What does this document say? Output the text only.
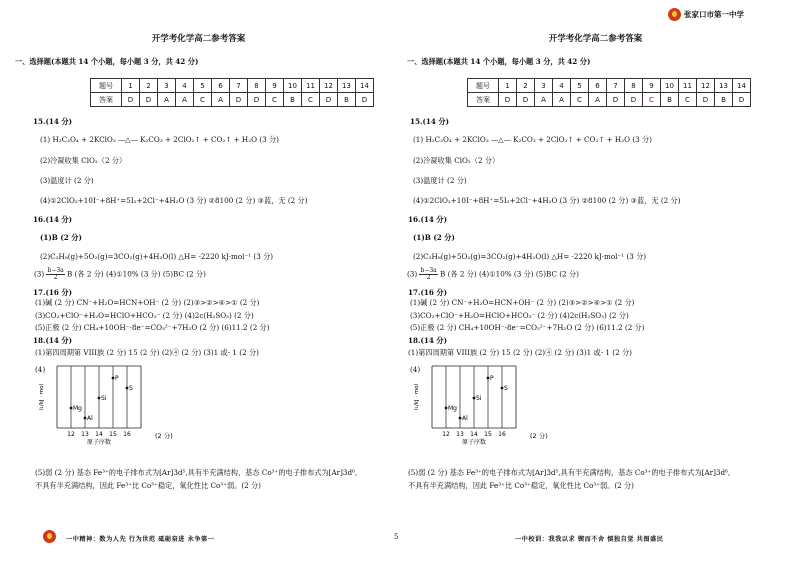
开学考化学高二参考答案
一、选择题(本题共 14 个小题，每小题 3 分，共 42 分)
题号	1	2	3	4	5	6	7	8	9	10	11	12	13	14
答案	D	D	A	A	C	A	D	D	C	B	C	D	B	D
15.(14 分)
(1) H₂C₂O₄ + 2KClO₃ —△— K₂CO₃ + 2ClO₂↑ + CO₂↑ + H₂O (3 分)
(2)冷凝收集 ClO₂（2 分）
(3)温度计 (2 分)
(4)①2ClO₂+10I⁻+8H⁺=5I₂+2Cl⁻+4H₂O (3 分) ②8100 (2 分) ③蓝，无 (2 分)
16.(14 分)
(1)B (2 分)
(2)C₃H₈(g)+5O₂(g)=3CO₂(g)+4H₂O(l) △H= -2220 kJ·mol⁻¹ (3 分)
$(3) \frac{b-3a}{2}$ B (各 2 分) (4)①10% (3 分) (5)BC (2 分)
17.(16 分)
(1)碱 (2 分) CN⁻+H₂O=HCN+OH⁻ (2 分) (2)③>②>④>① (2 分)
(3)CO₂+ClO⁻+H₂O=HClO+HCO₃⁻ (2 分) (4)2c(H₂SO₃) (2 分)
(5)正极 (2 分) CH₄+10OH⁻-8e⁻=CO₃²⁻+7H₂O (2 分) (6)11.2 (2 分)
18.(14 分)
(1)第四周期第 VIII族 (2 分) 15 (2 分) (2)④ (2 分) (3)1 或- 1 (2 分)
(4)
12 13 14 15 16
Mg
Al
Si
P
S
I₁/kJ · mol
原子序数
(2 分)
(5)弱 (2 分) 基态 Fe³⁺的电子排布式为[Ar]3d⁵,具有半充满结构，基态 Co³⁺的电子排布式为[Ar]3d⁶,
不具有半充满结构，因此 Fe³⁺比 Co³⁺稳定，氧化性比 Co³⁺弱。(2 分)
一中精神：数为人先 行为世范 砥砺奋进 永争第一	5
张家口市第一中学
开学考化学高二参考答案
一、选择题(本题共 14 个小题，每小题 3 分，共 42 分)
题号	1	2	3	4	5	6	7	8	9	10	11	12	13	14
答案	D	D	A	A	C	A	D	D	C	B	C	D	B	D
15.(14 分)
(1) H₂C₂O₄ + 2KClO₃ —△— K₂CO₃ + 2ClO₂↑ + CO₂↑ + H₂O (3 分)
(2)冷凝收集 ClO₂（2 分）
(3)温度计 (2 分)
(4)①2ClO₂+10I⁻+8H⁺=5I₂+2Cl⁻+4H₂O (3 分) ②8100 (2 分) ③蓝，无 (2 分)
16.(14 分)
(1)B (2 分)
(2)C₃H₈(g)+5O₂(g)=3CO₂(g)+4H₂O(l) △H= -2220 kJ·mol⁻¹ (3 分)
$(3) \frac{b-3a}{2}$ B (各 2 分) (4)①10% (3 分) (5)BC (2 分)
17.(16 分)
(1)碱 (2 分) CN⁻+H₂O=HCN+OH⁻ (2 分) (2)③>②>④>① (2 分)
(3)CO₂+ClO⁻+H₂O=HClO+HCO₃⁻ (2 分) (4)2c(H₂SO₃) (2 分)
(5)正极 (2 分) CH₄+10OH⁻-8e⁻=CO₃²⁻+7H₂O (2 分) (6)11.2 (2 分)
18.(14 分)
(1)第四周期第 VIII族 (2 分) 15 (2 分) (2)④ (2 分) (3)1 或- 1 (2 分)
(4)
12 13 14 15 16
Mg
Al
Si
P
S
I₁/kJ · mol
原子序数
(2 分)
(5)弱 (2 分) 基态 Fe³⁺的电子排布式为[Ar]3d⁵,具有半充满结构，基态 Co³⁺的电子排布式为[Ar]3d⁶,
不具有半充满结构，因此 Fe³⁺比 Co³⁺稳定，氧化性比 Co³⁺弱。(2 分)
一中校训：我我以求 锲而不舍 慎独自觉 共图盛民
